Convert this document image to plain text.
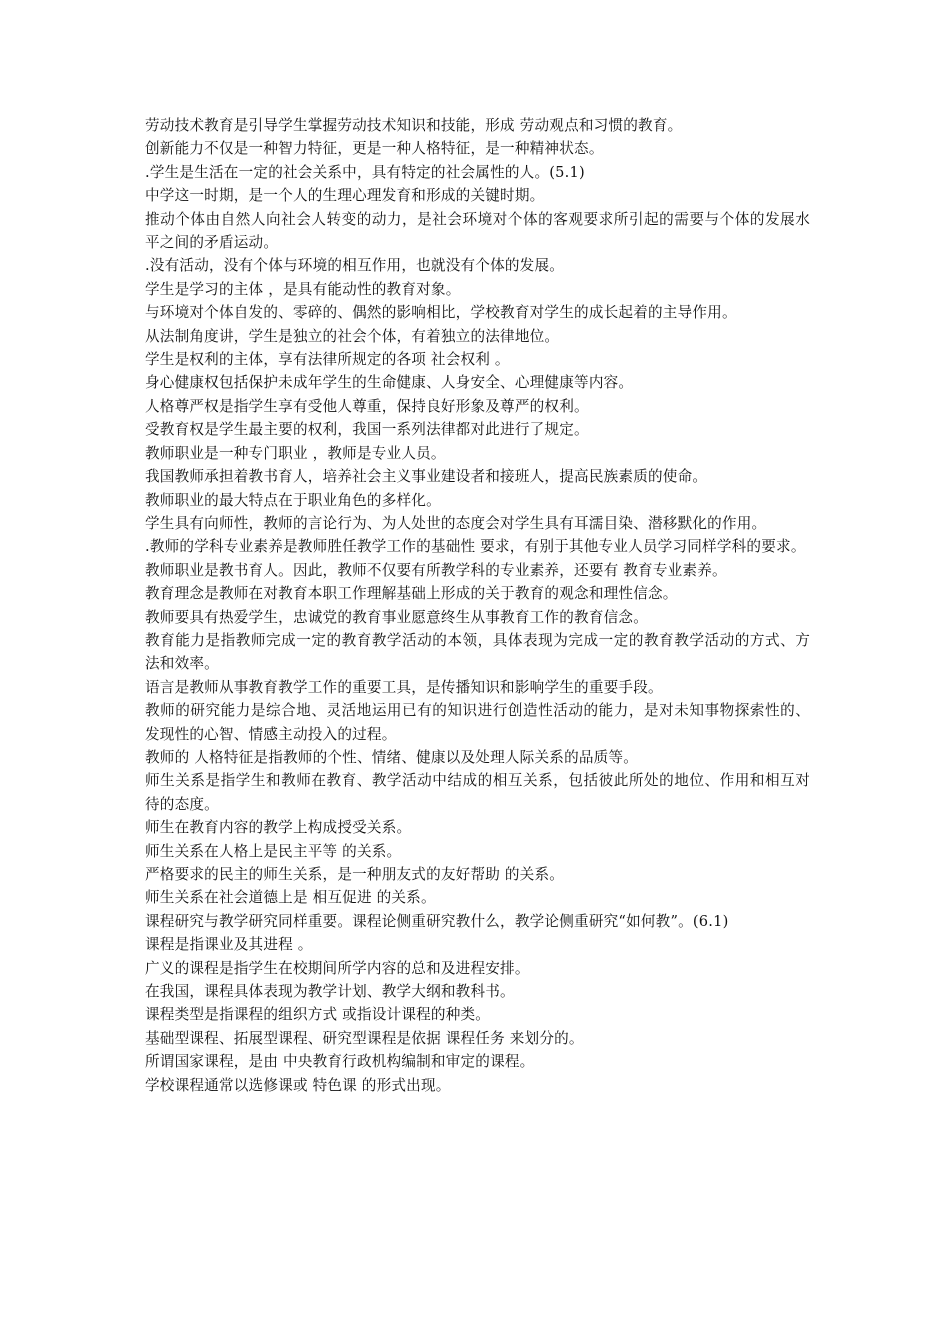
劳动技术教育是引导学生掌握劳动技术知识和技能，形成 劳动观点和习惯的教育。

创新能力不仅是一种智力特征，更是一种人格特征，是一种精神状态。

.学生是生活在一定的社会关系中，具有特定的社会属性的人。(5.1)

中学这一时期，是一个人的生理心理发育和形成的关键时期。

推动个体由自然人向社会人转变的动力，是社会环境对个体的客观要求所引起的需要与个体的发展水平之间的矛盾运动。

.没有活动，没有个体与环境的相互作用，也就没有个体的发展。

学生是学习的主体 ，是具有能动性的教育对象。

与环境对个体自发的、零碎的、偶然的影响相比，学校教育对学生的成长起着的主导作用。

从法制角度讲，学生是独立的社会个体，有着独立的法律地位。

学生是权利的主体，享有法律所规定的各项 社会权利 。

身心健康权包括保护未成年学生的生命健康、人身安全、心理健康等内容。

人格尊严权是指学生享有受他人尊重，保持良好形象及尊严的权利。

受教育权是学生最主要的权利，我国一系列法律都对此进行了规定。

教师职业是一种专门职业 ，教师是专业人员。

我国教师承担着教书育人，培养社会主义事业建设者和接班人，提高民族素质的使命。

教师职业的最大特点在于职业角色的多样化。

学生具有向师性，教师的言论行为、为人处世的态度会对学生具有耳濡目染、潜移默化的作用。

.教师的学科专业素养是教师胜任教学工作的基础性 要求，有别于其他专业人员学习同样学科的要求。

教师职业是教书育人。因此，教师不仅要有所教学科的专业素养，还要有 教育专业素养。

教育理念是教师在对教育本职工作理解基础上形成的关于教育的观念和理性信念。

教师要具有热爱学生，忠诚党的教育事业愿意终生从事教育工作的教育信念。

教育能力是指教师完成一定的教育教学活动的本领，具体表现为完成一定的教育教学活动的方式、方法和效率。

语言是教师从事教育教学工作的重要工具，是传播知识和影响学生的重要手段。

教师的研究能力是综合地、灵活地运用已有的知识进行创造性活动的能力，是对未知事物探索性的、发现性的心智、情感主动投入的过程。

教师的 人格特征是指教师的个性、情绪、健康以及处理人际关系的品质等。

师生关系是指学生和教师在教育、教学活动中结成的相互关系，包括彼此所处的地位、作用和相互对待的态度。

师生在教育内容的教学上构成授受关系。

师生关系在人格上是民主平等 的关系。

严格要求的民主的师生关系，是一种朋友式的友好帮助 的关系。

师生关系在社会道德上是 相互促进 的关系。

课程研究与教学研究同样重要。课程论侧重研究教什么，教学论侧重研究“如何教”。(6.1)

课程是指课业及其进程 。

广义的课程是指学生在校期间所学内容的总和及进程安排。

在我国，课程具体表现为教学计划、教学大纲和教科书。

课程类型是指课程的组织方式 或指设计课程的种类。

基础型课程、拓展型课程、研究型课程是依据 课程任务 来划分的。

所谓国家课程，是由 中央教育行政机构编制和审定的课程。

学校课程通常以选修课或 特色课 的形式出现。
